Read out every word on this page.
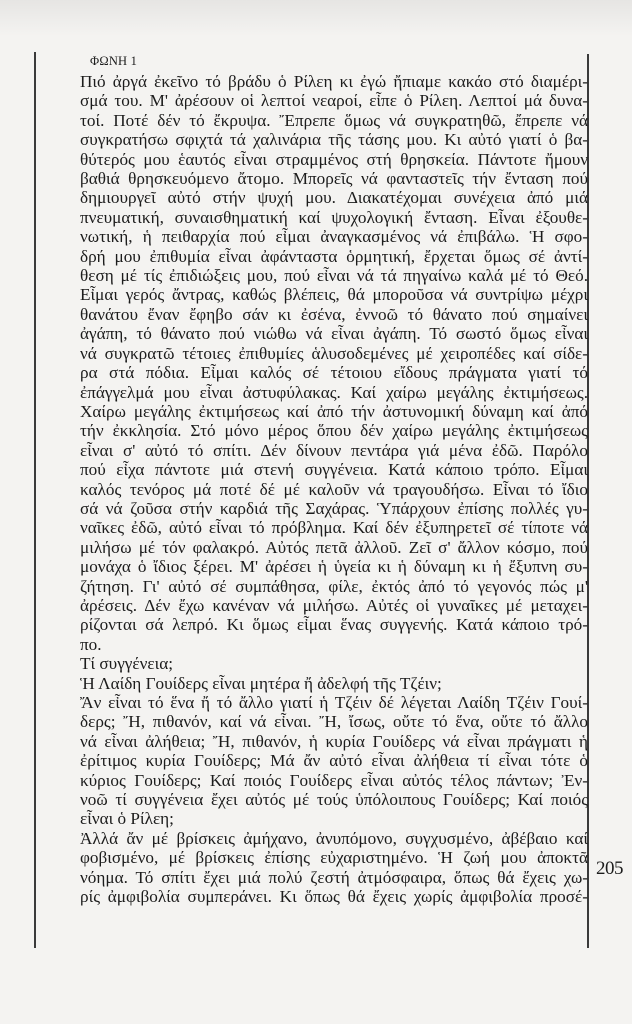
ΦΩΝΗ 1
Πιό ἀργά ἐκεῖνο τό βράδυ ὁ Ρίλεη κι ἐγώ ἤπιαμε κακάο στό διαμέρι-
σμά του. Μ' ἀρέσουν οἱ λεπτοί νεαροί, εἶπε ὁ Ρίλεη. Λεπτοί μά δυνα-
τοί. Ποτέ δέν τό ἔκρυψα. Ἔπρεπε ὅμως νά συγκρατηθῶ, ἔπρεπε νά
συγκρατήσω σφιχτά τά χαλινάρια τῆς τάσης μου. Κι αὐτό γιατί ὁ βα-
θύτερός μου ἑαυτός εἶναι στραμμένος στή θρησκεία. Πάντοτε ἤμουν
βαθιά θρησκευόμενο ἄτομο. Μπορεῖς νά φανταστεῖς τήν ἔνταση πού
δημιουργεῖ αὐτό στήν ψυχή μου. Διακατέχομαι συνέχεια ἀπό μιά
πνευματική, συναισθηματική καί ψυχολογική ἔνταση. Εἶναι ἐξουθε-
νωτική, ἡ πειθαρχία πού εἶμαι ἀναγκασμένος νά ἐπιβάλω. Ἡ σφο-
δρή μου ἐπιθυμία εἶναι ἀφάνταστα ὁρμητική, ἔρχεται ὅμως σέ ἀντί-
θεση μέ τίς ἐπιδιώξεις μου, πού εἶναι νά τά πηγαίνω καλά μέ τό Θεό.
Εἶμαι γερός ἄντρας, καθώς βλέπεις, θά μποροῦσα νά συντρίψω μέχρι
θανάτου ἔναν ἔφηβο σάν κι ἐσένα, ἐννοῶ τό θάνατο πού σημαίνει
ἀγάπη, τό θάνατο πού νιώθω νά εἶναι ἀγάπη. Τό σωστό ὅμως εἶναι
νά συγκρατῶ τέτοιες ἐπιθυμίες ἁλυσοδεμένες μέ χειροπέδες καί σίδε-
ρα στά πόδια. Εἶμαι καλός σέ τέτοιου εἴδους πράγματα γιατί τό
ἐπάγγελμά μου εἶναι ἀστυφύλακας. Καί χαίρω μεγάλης ἐκτιμήσεως.
Χαίρω μεγάλης ἐκτιμήσεως καί ἀπό τήν ἀστυνομική δύναμη καί ἀπό
τήν ἐκκλησία. Στό μόνο μέρος ὅπου δέν χαίρω μεγάλης ἐκτιμήσεως
εἶναι σ' αὐτό τό σπίτι. Δέν δίνουν πεντάρα γιά μένα ἐδῶ. Παρόλο
πού εἶχα πάντοτε μιά στενή συγγένεια. Κατά κάποιο τρόπο. Εἶμαι
καλός τενόρος μά ποτέ δέ μέ καλοῦν νά τραγουδήσω. Εἶναι τό ἴδιο
σά νά ζοῦσα στήν καρδιά τῆς Σαχάρας. Ὑπάρχουν ἐπίσης πολλές γυ-
ναῖκες ἐδῶ, αὐτό εἶναι τό πρόβλημα. Καί δέν ἐξυπηρετεῖ σέ τίποτε νά
μιλήσω μέ τόν φαλακρό. Αὐτός πετᾶ ἀλλοῦ. Ζεῖ σ' ἄλλον κόσμο, πού
μονάχα ὁ ἴδιος ξέρει. Μ' ἀρέσει ἡ ὑγεία κι ἡ δύναμη κι ἡ ἔξυπνη συ-
ζήτηση. Γι' αὐτό σέ συμπάθησα, φίλε, ἐκτός ἀπό τό γεγονός πώς μ'
ἀρέσεις. Δέν ἔχω κανέναν νά μιλήσω. Αὐτές οἱ γυναῖκες μέ μεταχει-
ρίζονται σά λεπρό. Κι ὅμως εἶμαι ἕνας συγγενής. Κατά κάποιο τρό-
πο.
Τί συγγένεια;
Ἡ Λαίδη Γουίδερς εἶναι μητέρα ἤ ἀδελφή τῆς Τζέιν;
Ἄν εἶναι τό ἕνα ἤ τό ἄλλο γιατί ἡ Τζέιν δέ λέγεται Λαίδη Τζέιν Γουί-
δερς; Ἤ, πιθανόν, καί νά εἶναι. Ἤ, ἴσως, οὔτε τό ἕνα, οὔτε τό ἄλλο
νά εἶναι ἀλήθεια; Ἤ, πιθανόν, ἡ κυρία Γουίδερς νά εἶναι πράγματι ἡ
ἐρίτιμος κυρία Γουίδερς; Μά ἄν αὐτό εἶναι ἀλήθεια τί εἶναι τότε ὁ
κύριος Γουίδερς; Καί ποιός Γουίδερς εἶναι αὐτός τέλος πάντων; Ἐν-
νοῶ τί συγγένεια ἔχει αὐτός μέ τούς ὑπόλοιπους Γουίδερς; Καί ποιός
εἶναι ὁ Ρίλεη;
Ἀλλά ἄν μέ βρίσκεις ἀμήχανο, ἀνυπόμονο, συγχυσμένο, ἀβέβαιο καί
φοβισμένο, μέ βρίσκεις ἐπίσης εὐχαριστημένο. Ἡ ζωή μου ἀποκτᾶ
νόημα. Τό σπίτι ἔχει μιά πολύ ζεστή ἀτμόσφαιρα, ὅπως θά ἔχεις χω-
ρίς ἀμφιβολία συμπεράνει. Κι ὅπως θά ἔχεις χωρίς ἀμφιβολία προσέ-
205
